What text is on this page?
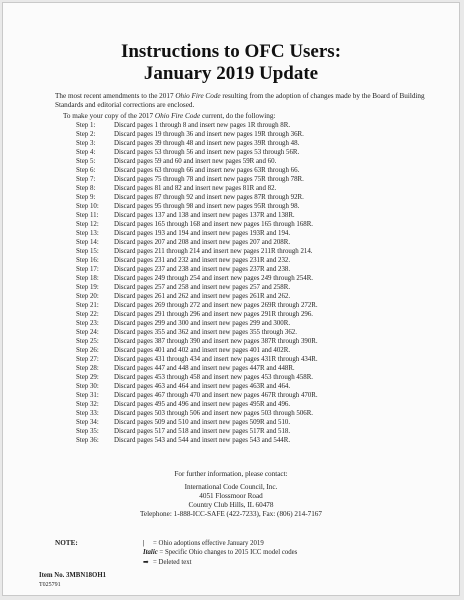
Instructions to OFC Users:
January 2019 Update
The most recent amendments to the 2017 Ohio Fire Code resulting from the adoption of changes made by the Board of Building Standards and editorial corrections are enclosed.
To make your copy of the 2017 Ohio Fire Code current, do the following:
Step 1:	Discard pages 1 through 8 and insert new pages 1R through 8R.
Step 2:	Discard pages 19 through 36 and insert new pages 19R through 36R.
Step 3:	Discard pages 39 through 48 and insert new pages 39R through 48.
Step 4:	Discard pages 53 through 56 and insert new pages 53 through 56R.
Step 5:	Discard pages 59 and 60 and insert new pages 59R and 60.
Step 6:	Discard pages 63 through 66 and insert new pages 63R through 66.
Step 7:	Discard pages 75 through 78 and insert new pages 75R through 78R.
Step 8:	Discard pages 81 and 82 and insert new pages 81R and 82.
Step 9:	Discard pages 87 through 92 and insert new pages 87R through 92R.
Step 10: Discard pages 95 through 98 and insert new pages 95R through 98.
Step 11: Discard pages 137 and 138 and insert new pages 137R and 138R.
Step 12: Discard pages 165 through 168 and insert new pages 165 through 168R.
Step 13: Discard pages 193 and 194 and insert new pages 193R and 194.
Step 14: Discard pages 207 and 208 and insert new pages 207 and 208R.
Step 15: Discard pages 211 through 214 and insert new pages 211R through 214.
Step 16: Discard pages 231 and 232 and insert new pages 231R and 232.
Step 17: Discard pages 237 and 238 and insert new pages 237R and 238.
Step 18: Discard pages 249 through 254 and insert new pages 249 through 254R.
Step 19: Discard pages 257 and 258 and insert new pages 257 and 258R.
Step 20: Discard pages 261 and 262 and insert new pages 261R and 262.
Step 21: Discard pages 269 through 272 and insert new pages 269R through 272R.
Step 22: Discard pages 291 through 296 and insert new pages 291R through 296.
Step 23: Discard pages 299 and 300 and insert new pages 299 and 300R.
Step 24: Discard pages 355 and 362 and insert new pages 355 through 362.
Step 25: Discard pages 387 through 390 and insert new pages 387R through 390R.
Step 26: Discard pages 401 and 402 and insert new pages 401 and 402R.
Step 27: Discard pages 431 through 434 and insert new pages 431R through 434R.
Step 28: Discard pages 447 and 448 and insert new pages 447R and 448R.
Step 29: Discard pages 453 through 458 and insert new pages 453 through 458R.
Step 30: Discard pages 463 and 464 and insert new pages 463R and 464.
Step 31: Discard pages 467 through 470 and insert new pages 467R through 470R.
Step 32: Discard pages 495 and 496 and insert new pages 495R and 496.
Step 33: Discard pages 503 through 506 and insert new pages 503 through 506R.
Step 34: Discard pages 509 and 510 and insert new pages 509R and 510.
Step 35: Discard pages 517 and 518 and insert new pages 517R and 518.
Step 36: Discard pages 543 and 544 and insert new pages 543 and 544R.
For further information, please contact:
International Code Council, Inc.
4051 Flossmoor Road
Country Club Hills, IL 60478
Telephone: 1-888-ICC-SAFE (422-7233), Fax: (806) 214-7167
NOTE:	| = Ohio adoptions effective January 2019
Italic = Specific Ohio changes to 2015 ICC model codes
➡ = Deleted text
Item No. 3MBN18OH1
T025791
